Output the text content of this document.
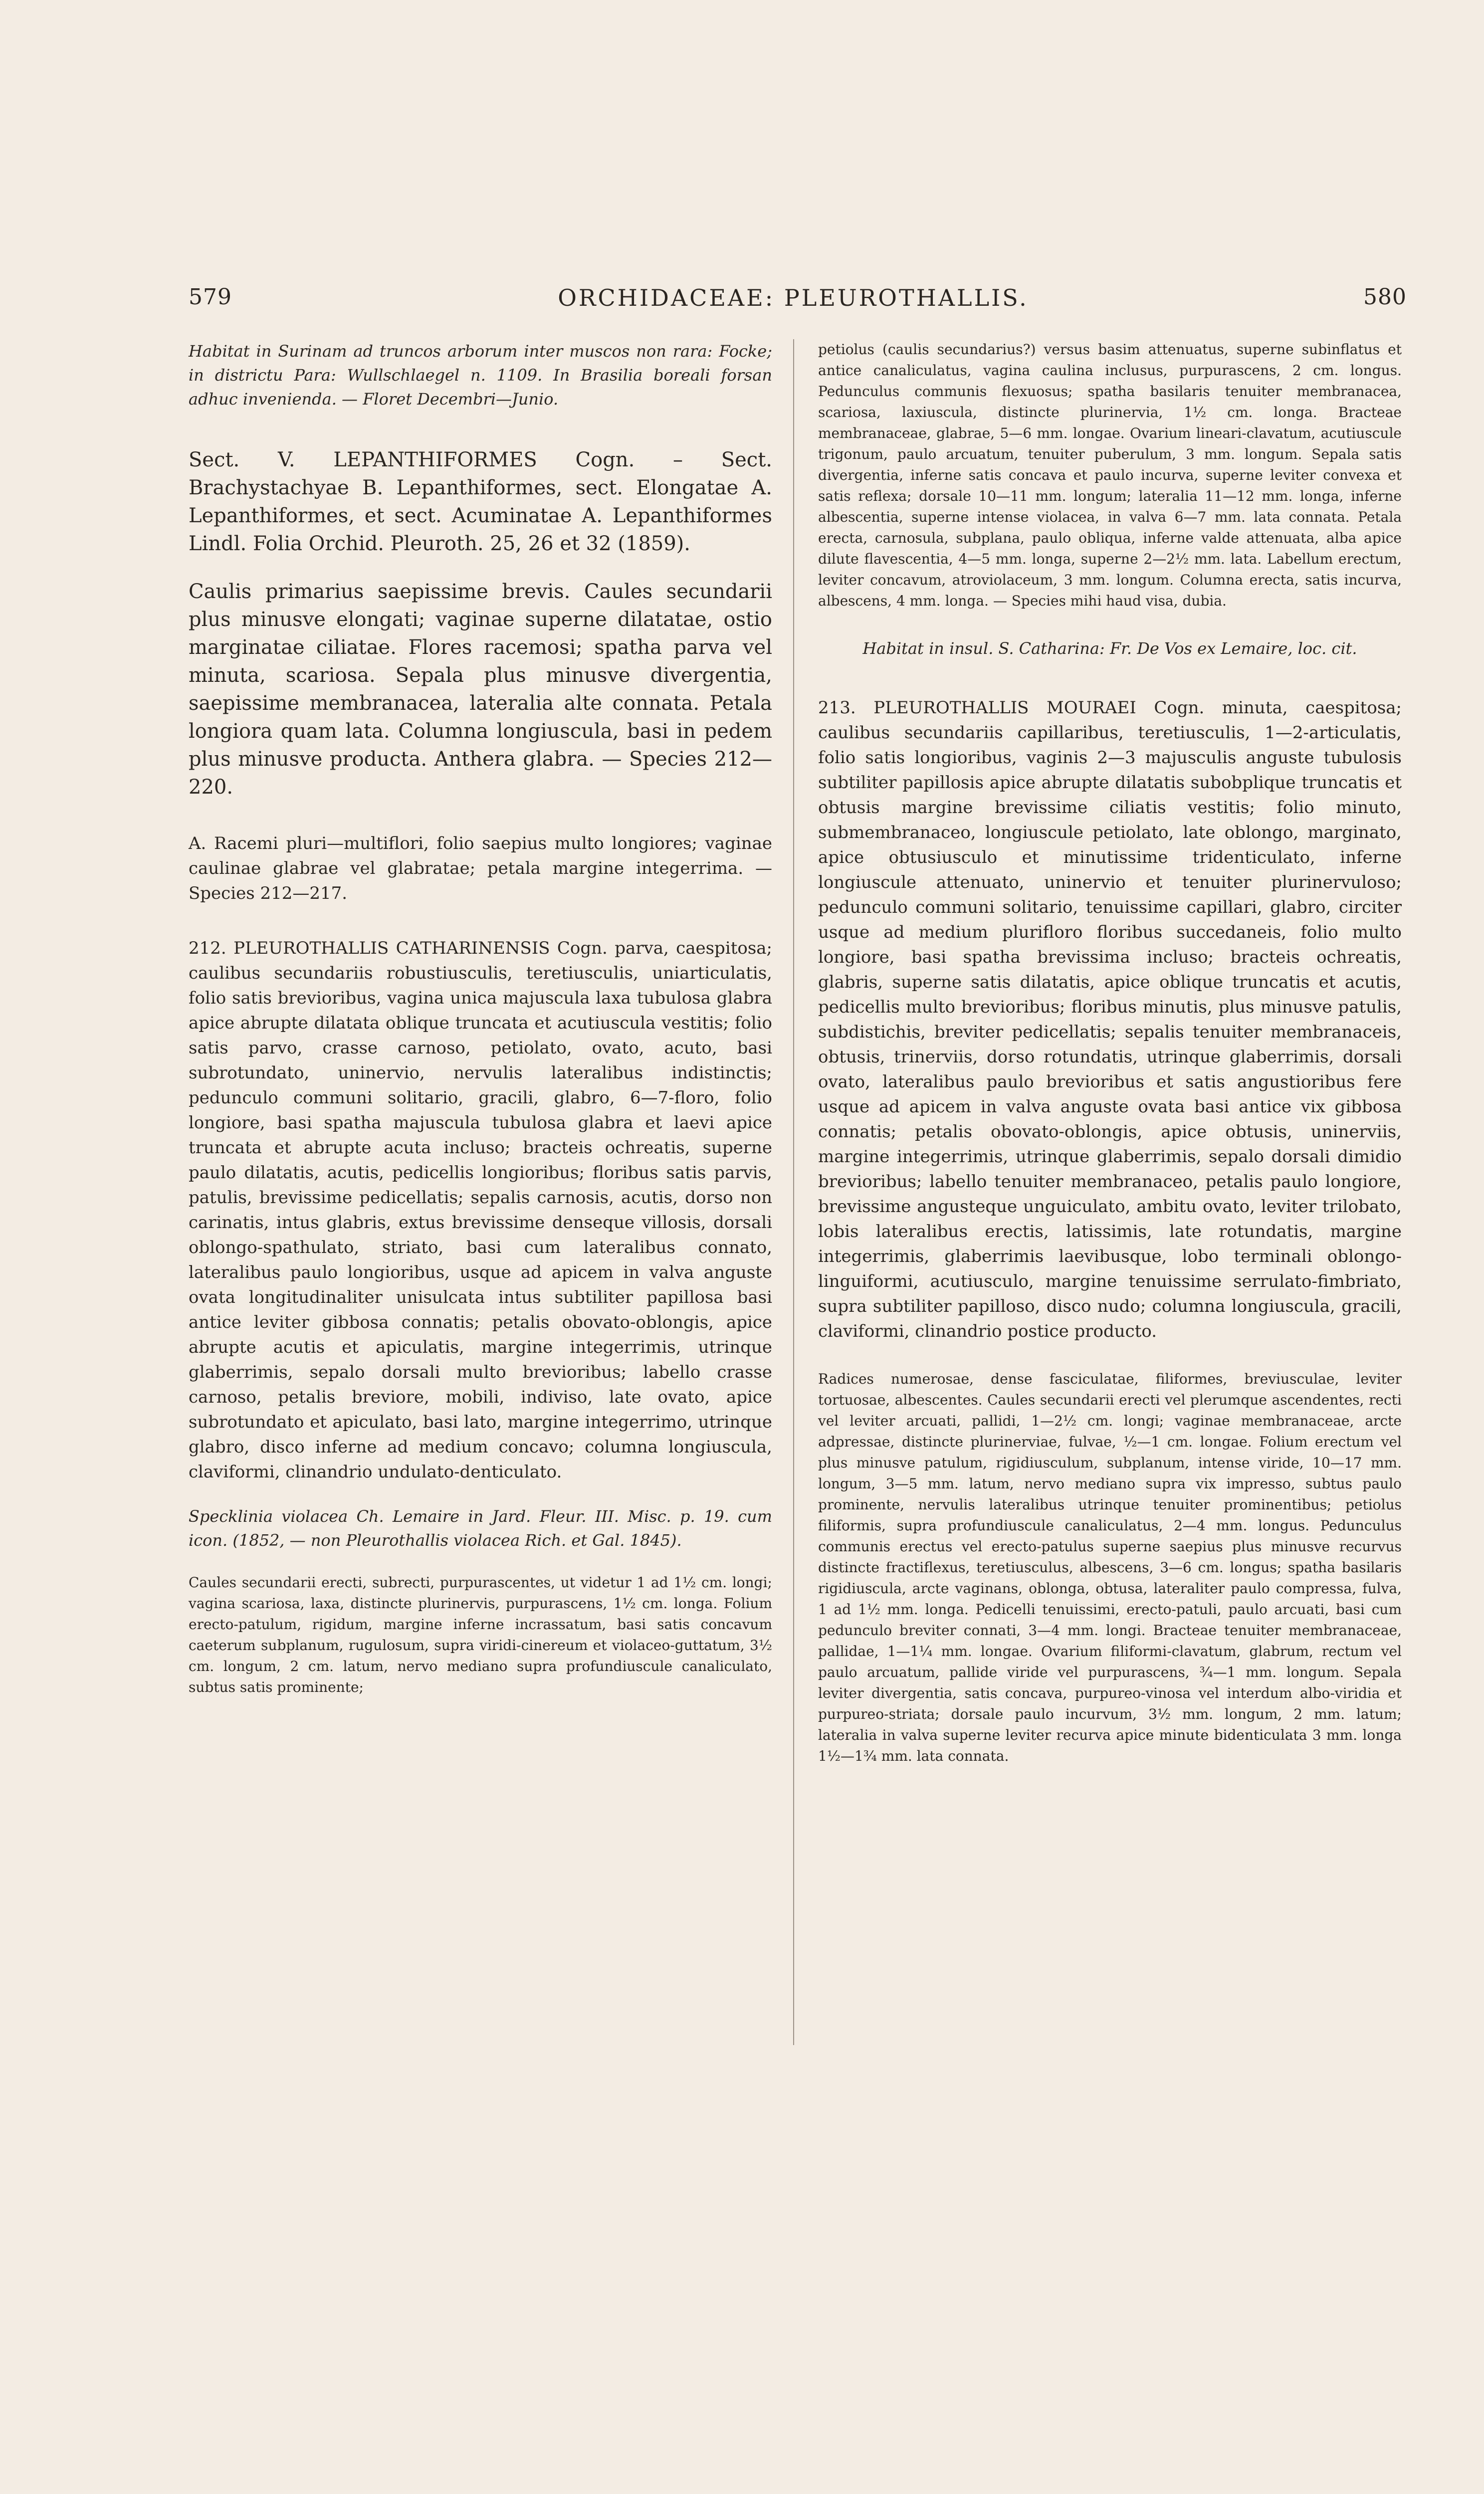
579	ORCHIDACEAE: PLEUROTHALLIS.	580

Habitat in Surinam ad truncos arborum inter muscos non rara: Focke; in districtu Para: Wullschlaegel n. 1109. In Brasilia boreali forsan adhuc invenienda. — Floret Decembri—Junio.

Sect. V. LEPANTHIFORMES Cogn. – Sect. Brachystachyae B. Lepanthiformes, sect. Elongatae A. Lepanthiformes, et sect. Acuminatae A. Lepanthiformes Lindl. Folia Orchid. Pleuroth. 25, 26 et 32 (1859).

Caulis primarius saepissime brevis. Caules secundarii plus minusve elongati; vaginae superne dilatatae, ostio marginatae ciliatae. Flores racemosi; spatha parva vel minuta, scariosa. Sepala plus minusve divergentia, saepissime membranacea, lateralia alte connata. Petala longiora quam lata. Columna longiuscula, basi in pedem plus minusve producta. Anthera glabra. — Species 212—220.

A. Racemi pluri—multiflori, folio saepius multo longiores; vaginae caulinae glabrae vel glabratae; petala margine integerrima. — Species 212—217.

212. PLEUROTHALLIS CATHARINENSIS Cogn. parva, caespitosa; caulibus secundariis robustiusculis, teretiusculis, uniarticulatis, folio satis brevioribus, vagina unica majuscula laxa tubulosa glabra apice abrupte dilatata oblique truncata et acutiuscula vestitis; folio satis parvo, crasse carnoso, petiolato, ovato, acuto, basi subrotundato, uninervio, nervulis lateralibus indistinctis; pedunculo communi solitario, gracili, glabro, 6—7-floro, folio longiore, basi spatha majuscula tubulosa glabra et laevi apice truncata et abrupte acuta incluso; bracteis ochreatis, superne paulo dilatatis, acutis, pedicellis longioribus; floribus satis parvis, patulis, brevissime pedicellatis; sepalis carnosis, acutis, dorso non carinatis, intus glabris, extus brevissime denseque villosis, dorsali oblongo-spathulato, striato, basi cum lateralibus connato, lateralibus paulo longioribus, usque ad apicem in valva anguste ovata longitudinaliter unisulcata intus subtiliter papillosa basi antice leviter gibbosa connatis; petalis obovato-oblongis, apice abrupte acutis et apiculatis, margine integerrimis, utrinque glaberrimis, sepalo dorsali multo brevioribus; labello crasse carnoso, petalis breviore, mobili, indiviso, late ovato, apice subrotundato et apiculato, basi lato, margine integerrimo, utrinque glabro, disco inferne ad medium concavo; columna longiuscula, claviformi, clinandrio undulato-denticulato.

Specklinia violacea Ch. Lemaire in Jard. Fleur. III. Misc. p. 19. cum icon. (1852, — non Pleurothallis violacea Rich. et Gal. 1845).

Caules secundarii erecti, subrecti, purpurascentes, ut videtur 1 ad 1½ cm. longi; vagina scariosa, laxa, distincte plurinervis, purpurascens, 1½ cm. longa. Folium erecto-patulum, rigidum, margine inferne incrassatum, basi satis concavum caeterum subplanum, rugulosum, supra viridi-cinereum et violaceo-guttatum, 3½ cm. longum, 2 cm. latum, nervo mediano supra profundiuscule canaliculato, subtus satis prominente;

petiolus (caulis secundarius?) versus basim attenuatus, superne subinflatus et antice canaliculatus, vagina caulina inclusus, purpurascens, 2 cm. longus. Pedunculus communis flexuosus; spatha basilaris tenuiter membranacea, scariosa, laxiuscula, distincte plurinervia, 1½ cm. longa. Bracteae membranaceae, glabrae, 5—6 mm. longae. Ovarium lineari-clavatum, acutiuscule trigonum, paulo arcuatum, tenuiter puberulum, 3 mm. longum. Sepala satis divergentia, inferne satis concava et paulo incurva, superne leviter convexa et satis reflexa; dorsale 10—11 mm. longum; lateralia 11—12 mm. longa, inferne albescentia, superne intense violacea, in valva 6—7 mm. lata connata. Petala erecta, carnosula, subplana, paulo obliqua, inferne valde attenuata, alba apice dilute flavescentia, 4—5 mm. longa, superne 2—2½ mm. lata. Labellum erectum, leviter concavum, atroviolaceum, 3 mm. longum. Columna erecta, satis incurva, albescens, 4 mm. longa. — Species mihi haud visa, dubia.

Habitat in insul. S. Catharina: Fr. De Vos ex Lemaire, loc. cit.

213. PLEUROTHALLIS MOURAEI Cogn. minuta, caespitosa; caulibus secundariis capillaribus, teretiusculis, 1—2-articulatis, folio satis longioribus, vaginis 2—3 majusculis anguste tubulosis subtiliter papillosis apice abrupte dilatatis subobplique truncatis et obtusis margine brevissime ciliatis vestitis; folio minuto, submembranaceo, longiuscule petiolato, late oblongo, marginato, apice obtusiusculo et minutissime tridenticulato, inferne longiuscule attenuato, uninervio et tenuiter plurinervuloso; pedunculo communi solitario, tenuissime capillari, glabro, circiter usque ad medium plurifloro floribus succedaneis, folio multo longiore, basi spatha brevissima incluso; bracteis ochreatis, glabris, superne satis dilatatis, apice oblique truncatis et acutis, pedicellis multo brevioribus; floribus minutis, plus minusve patulis, subdistichis, breviter pedicellatis; sepalis tenuiter membranaceis, obtusis, trinerviis, dorso rotundatis, utrinque glaberrimis, dorsali ovato, lateralibus paulo brevioribus et satis angustioribus fere usque ad apicem in valva anguste ovata basi antice vix gibbosa connatis; petalis obovato-oblongis, apice obtusis, uninerviis, margine integerrimis, utrinque glaberrimis, sepalo dorsali dimidio brevioribus; labello tenuiter membranaceo, petalis paulo longiore, brevissime angusteque unguiculato, ambitu ovato, leviter trilobato, lobis lateralibus erectis, latissimis, late rotundatis, margine integerrimis, glaberrimis laevibusque, lobo terminali oblongo-linguiformi, acutiusculo, margine tenuissime serrulato-fimbriato, supra subtiliter papilloso, disco nudo; columna longiuscula, gracili, claviformi, clinandrio postice producto.

Radices numerosae, dense fasciculatae, filiformes, breviusculae, leviter tortuosae, albescentes. Caules secundarii erecti vel plerumque ascendentes, recti vel leviter arcuati, pallidi, 1—2½ cm. longi; vaginae membranaceae, arcte adpressae, distincte plurinerviae, fulvae, ½—1 cm. longae. Folium erectum vel plus minusve patulum, rigidiusculum, subplanum, intense viride, 10—17 mm. longum, 3—5 mm. latum, nervo mediano supra vix impresso, subtus paulo prominente, nervulis lateralibus utrinque tenuiter prominentibus; petiolus filiformis, supra profundiuscule canaliculatus, 2—4 mm. longus. Pedunculus communis erectus vel erecto-patulus superne saepius plus minusve recurvus distincte fractiflexus, teretiusculus, albescens, 3—6 cm. longus; spatha basilaris rigidiuscula, arcte vaginans, oblonga, obtusa, lateraliter paulo compressa, fulva, 1 ad 1½ mm. longa. Pedicelli tenuissimi, erecto-patuli, paulo arcuati, basi cum pedunculo breviter connati, 3—4 mm. longi. Bracteae tenuiter membranaceae, pallidae, 1—1¼ mm. longae. Ovarium filiformi-clavatum, glabrum, rectum vel paulo arcuatum, pallide viride vel purpurascens, ¾—1 mm. longum. Sepala leviter divergentia, satis concava, purpureo-vinosa vel interdum albo-viridia et purpureo-striata; dorsale paulo incurvum, 3½ mm. longum, 2 mm. latum; lateralia in valva superne leviter recurva apice minute bidenticulata 3 mm. longa 1½—1¾ mm. lata connata.
